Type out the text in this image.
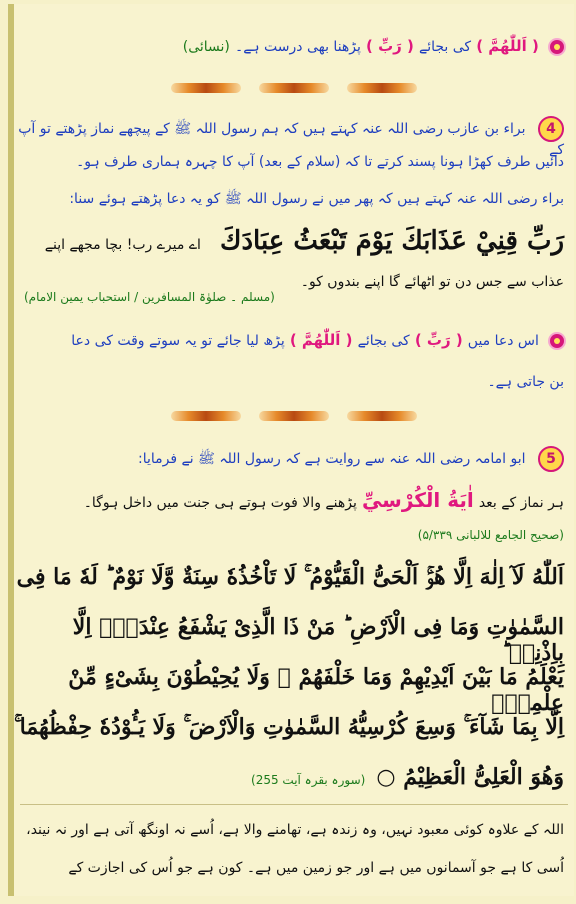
( اَللّٰهُمَّ ) کی بجائے ( رَبِّ ) پڑھنا بھی درست ہے۔ (نسائی)
4 براء بن عازب رضی اللہ عنہ کہتے ہیں کہ ہم رسول اللہ ﷺ کے پیچھے نماز پڑھتے تو آپ کے
دائیں طرف کھڑا ہونا پسند کرتے تا کہ (سلام کے بعد) آپ کا چہرہ ہماری طرف ہو۔
براء رضی اللہ عنہ کہتے ہیں کہ پھر میں نے رسول اللہ ﷺ کو یہ دعا پڑھتے ہوئے سنا:
رَبِّ قِنِيْ عَذَابَكَ يَوْمَ تَبْعَثُ عِبَادَكَ اے میرے رب! بچا مجھے اپنے
عذاب سے جس دن تو اٹھائے گا اپنے بندوں کو۔
(مسلم ۔ صلوٰۃ المسافرین / استحباب یمین الامام)
اس دعا میں ( رَبِّ ) کی بجائے ( اَللّٰهُمَّ ) پڑھ لیا جائے تو یہ سوتے وقت کی دعا
بن جاتی ہے۔
5 ابو امامہ رضی اللہ عنہ سے روایت ہے کہ رسول اللہ ﷺ نے فرمایا:
ہر نماز کے بعد اٰيَةُ الْكُرْسِيِّ پڑھنے والا فوت ہوتے ہی جنت میں داخل ہوگا۔
(صحیح الجامع للالبانی ۵/۳۳۹)
اَللّٰهُ لَآ اِلٰهَ اِلَّا هُوَۚ اَلْحَیُّ الْقَیُّوْمُ ۚ لَا تَاْخُذُهٗ سِنَةٌ وَّلَا نَوْمٌ ؕ لَهٗ مَا فِی
السَّمٰوٰتِ وَمَا فِی الْاَرْضِ ؕ مَنْ ذَا الَّذِیْ یَشْفَعُ عِنْدَهٗۤ اِلَّا بِاِذْنِهٖ ؕ
یَعْلَمُ مَا بَیْنَ اَیْدِیْهِمْ وَمَا خَلْفَهُمْ ۚ وَلَا یُحِیْطُوْنَ بِشَیْءٍ مِّنْ عِلْمِهٖۤ
اِلَّا بِمَا شَآءَ ۚ وَسِعَ كُرْسِیُّهُ السَّمٰوٰتِ وَالْاَرْضَ ۚ وَلَا یَـُٔوْدُهٗ حِفْظُهُمَا ۚ
وَهُوَ الْعَلِیُّ الْعَظِیْمُ ○ (سورہ بقرہ آیت 255)
اللہ کے علاوہ کوئی معبود نہیں، وہ زندہ ہے، تھامنے والا ہے، اُسے نہ اونگھ آتی ہے اور نہ نیند،
اُسی کا ہے جو آسمانوں میں ہے اور جو زمین میں ہے۔ کون ہے جو اُس کی اجازت کے
